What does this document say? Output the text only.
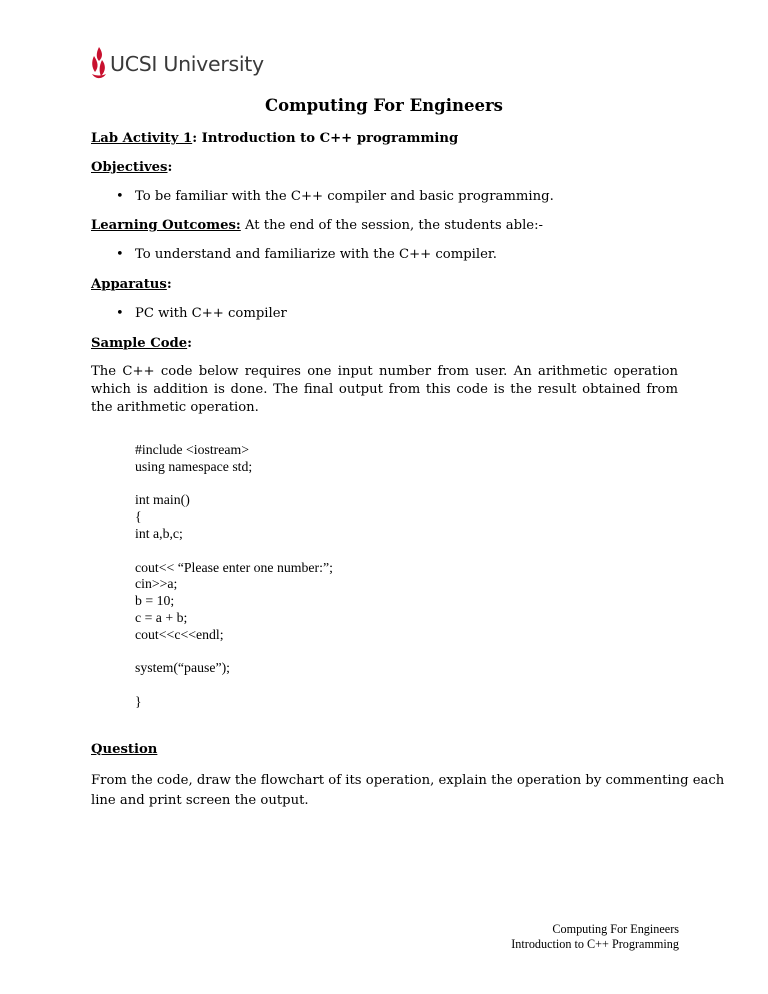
UCSI University
Computing For Engineers
Lab Activity 1: Introduction to C++ programming
Objectives:
• To be familiar with the C++ compiler and basic programming.
Learning Outcomes: At the end of the session, the students able:-
• To understand and familiarize with the C++ compiler.
Apparatus:
• PC with C++ compiler
Sample Code:
The C++ code below requires one input number from user. An arithmetic operation which is addition is done. The final output from this code is the result obtained from the arithmetic operation.
#include <iostream>
using namespace std;

int main()
{
int a,b,c;

cout<< “Please enter one number:”;
cin>>a;
b = 10;
c = a + b;
cout<<c<<endl;

system(“pause”);

}
Question
From the code, draw the flowchart of its operation, explain the operation by commenting each
line and print screen the output.
Computing For Engineers
Introduction to C++ Programming
